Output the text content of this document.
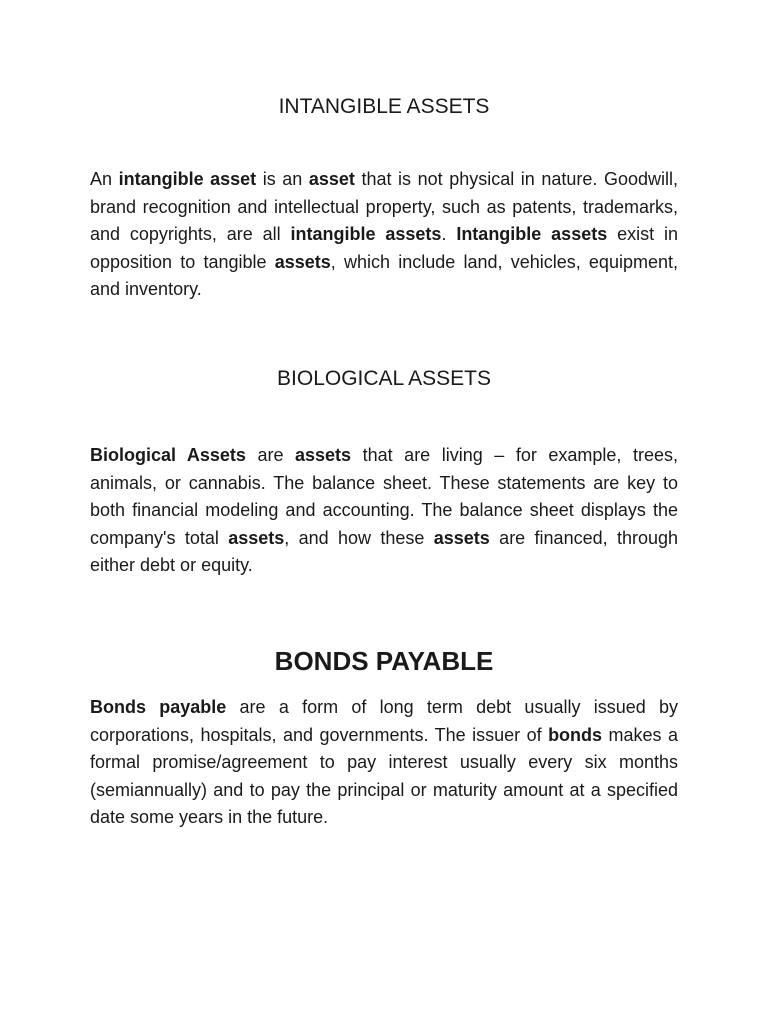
INTANGIBLE ASSETS

An intangible asset is an asset that is not physical in nature. Goodwill, brand recognition and intellectual property, such as patents, trademarks, and copyrights, are all intangible assets. Intangible assets exist in opposition to tangible assets, which include land, vehicles, equipment, and inventory.

BIOLOGICAL ASSETS

Biological Assets are assets that are living – for example, trees, animals, or cannabis. The balance sheet. These statements are key to both financial modeling and accounting. The balance sheet displays the company's total assets, and how these assets are financed, through either debt or equity.

BONDS PAYABLE

Bonds payable are a form of long term debt usually issued by corporations, hospitals, and governments. The issuer of bonds makes a formal promise/agreement to pay interest usually every six months (semiannually) and to pay the principal or maturity amount at a specified date some years in the future.
